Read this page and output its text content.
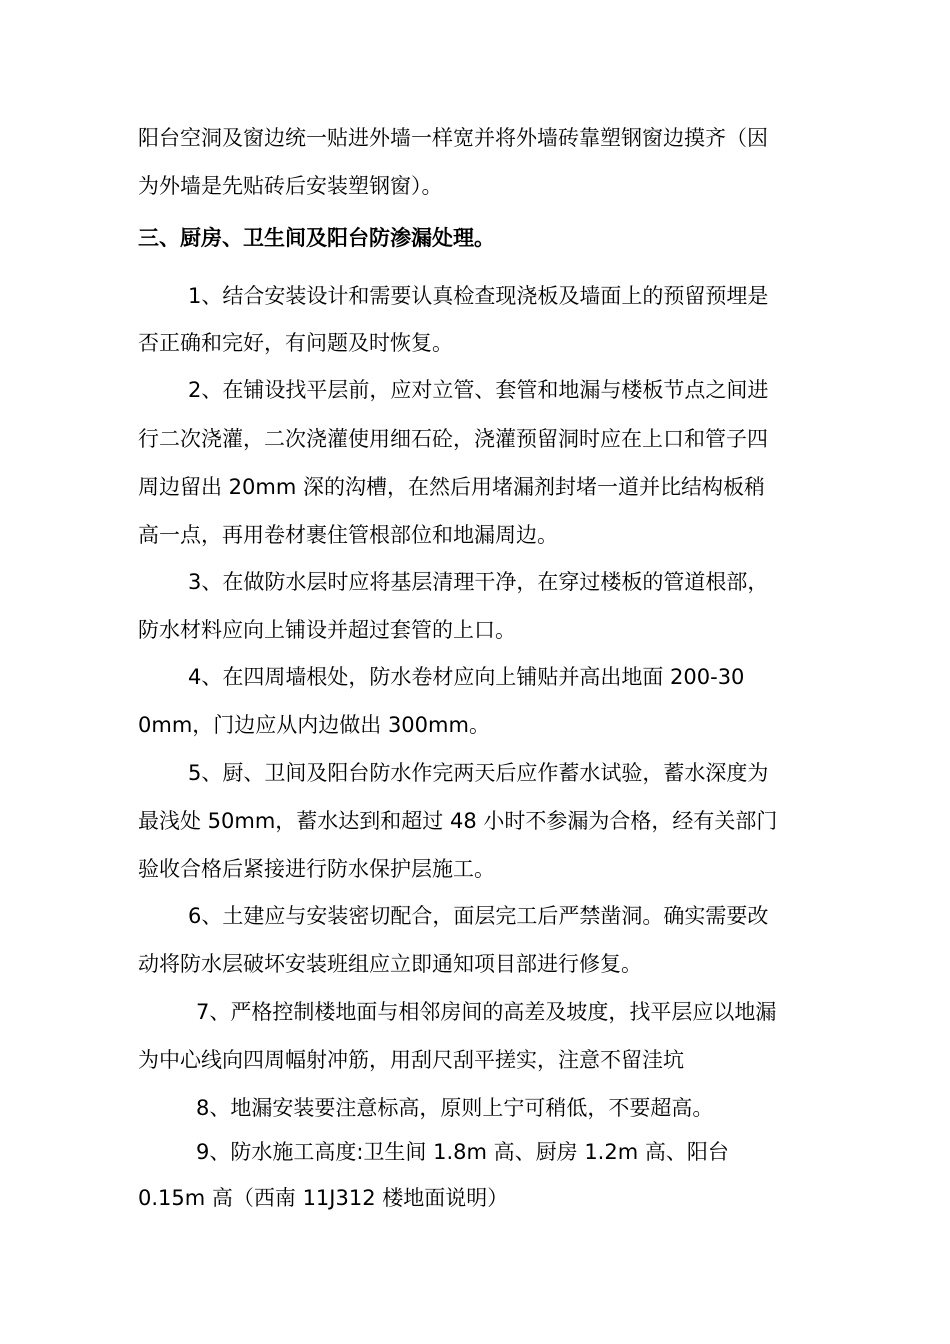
阳台空洞及窗边统一贴进外墙一样宽并将外墙砖靠塑钢窗边摸齐（因
为外墙是先贴砖后安装塑钢窗）。
三、厨房、卫生间及阳台防渗漏处理。
1、结合安装设计和需要认真检查现浇板及墙面上的预留预埋是
否正确和完好，有问题及时恢复。
2、在铺设找平层前，应对立管、套管和地漏与楼板节点之间进
行二次浇灌，二次浇灌使用细石砼，浇灌预留洞时应在上口和管子四
周边留出 20mm 深的沟槽，在然后用堵漏剂封堵一道并比结构板稍
高一点，再用卷材裹住管根部位和地漏周边。
3、在做防水层时应将基层清理干净，在穿过楼板的管道根部，
防水材料应向上铺设并超过套管的上口。
4、在四周墙根处，防水卷材应向上铺贴并高出地面 200-30
0mm，门边应从内边做出 300mm。
5、厨、卫间及阳台防水作完两天后应作蓄水试验，蓄水深度为
最浅处 50mm，蓄水达到和超过 48 小时不参漏为合格，经有关部门
验收合格后紧接进行防水保护层施工。
6、土建应与安装密切配合，面层完工后严禁凿洞。确实需要改
动将防水层破坏安装班组应立即通知项目部进行修复。
7、严格控制楼地面与相邻房间的高差及坡度，找平层应以地漏
为中心线向四周幅射冲筋，用刮尺刮平搓实，注意不留洼坑
8、地漏安装要注意标高，原则上宁可稍低，不要超高。
9、防水施工高度:卫生间 1.8m 高、厨房 1.2m 高、阳台
0.15m 高（西南 11J312 楼地面说明）
